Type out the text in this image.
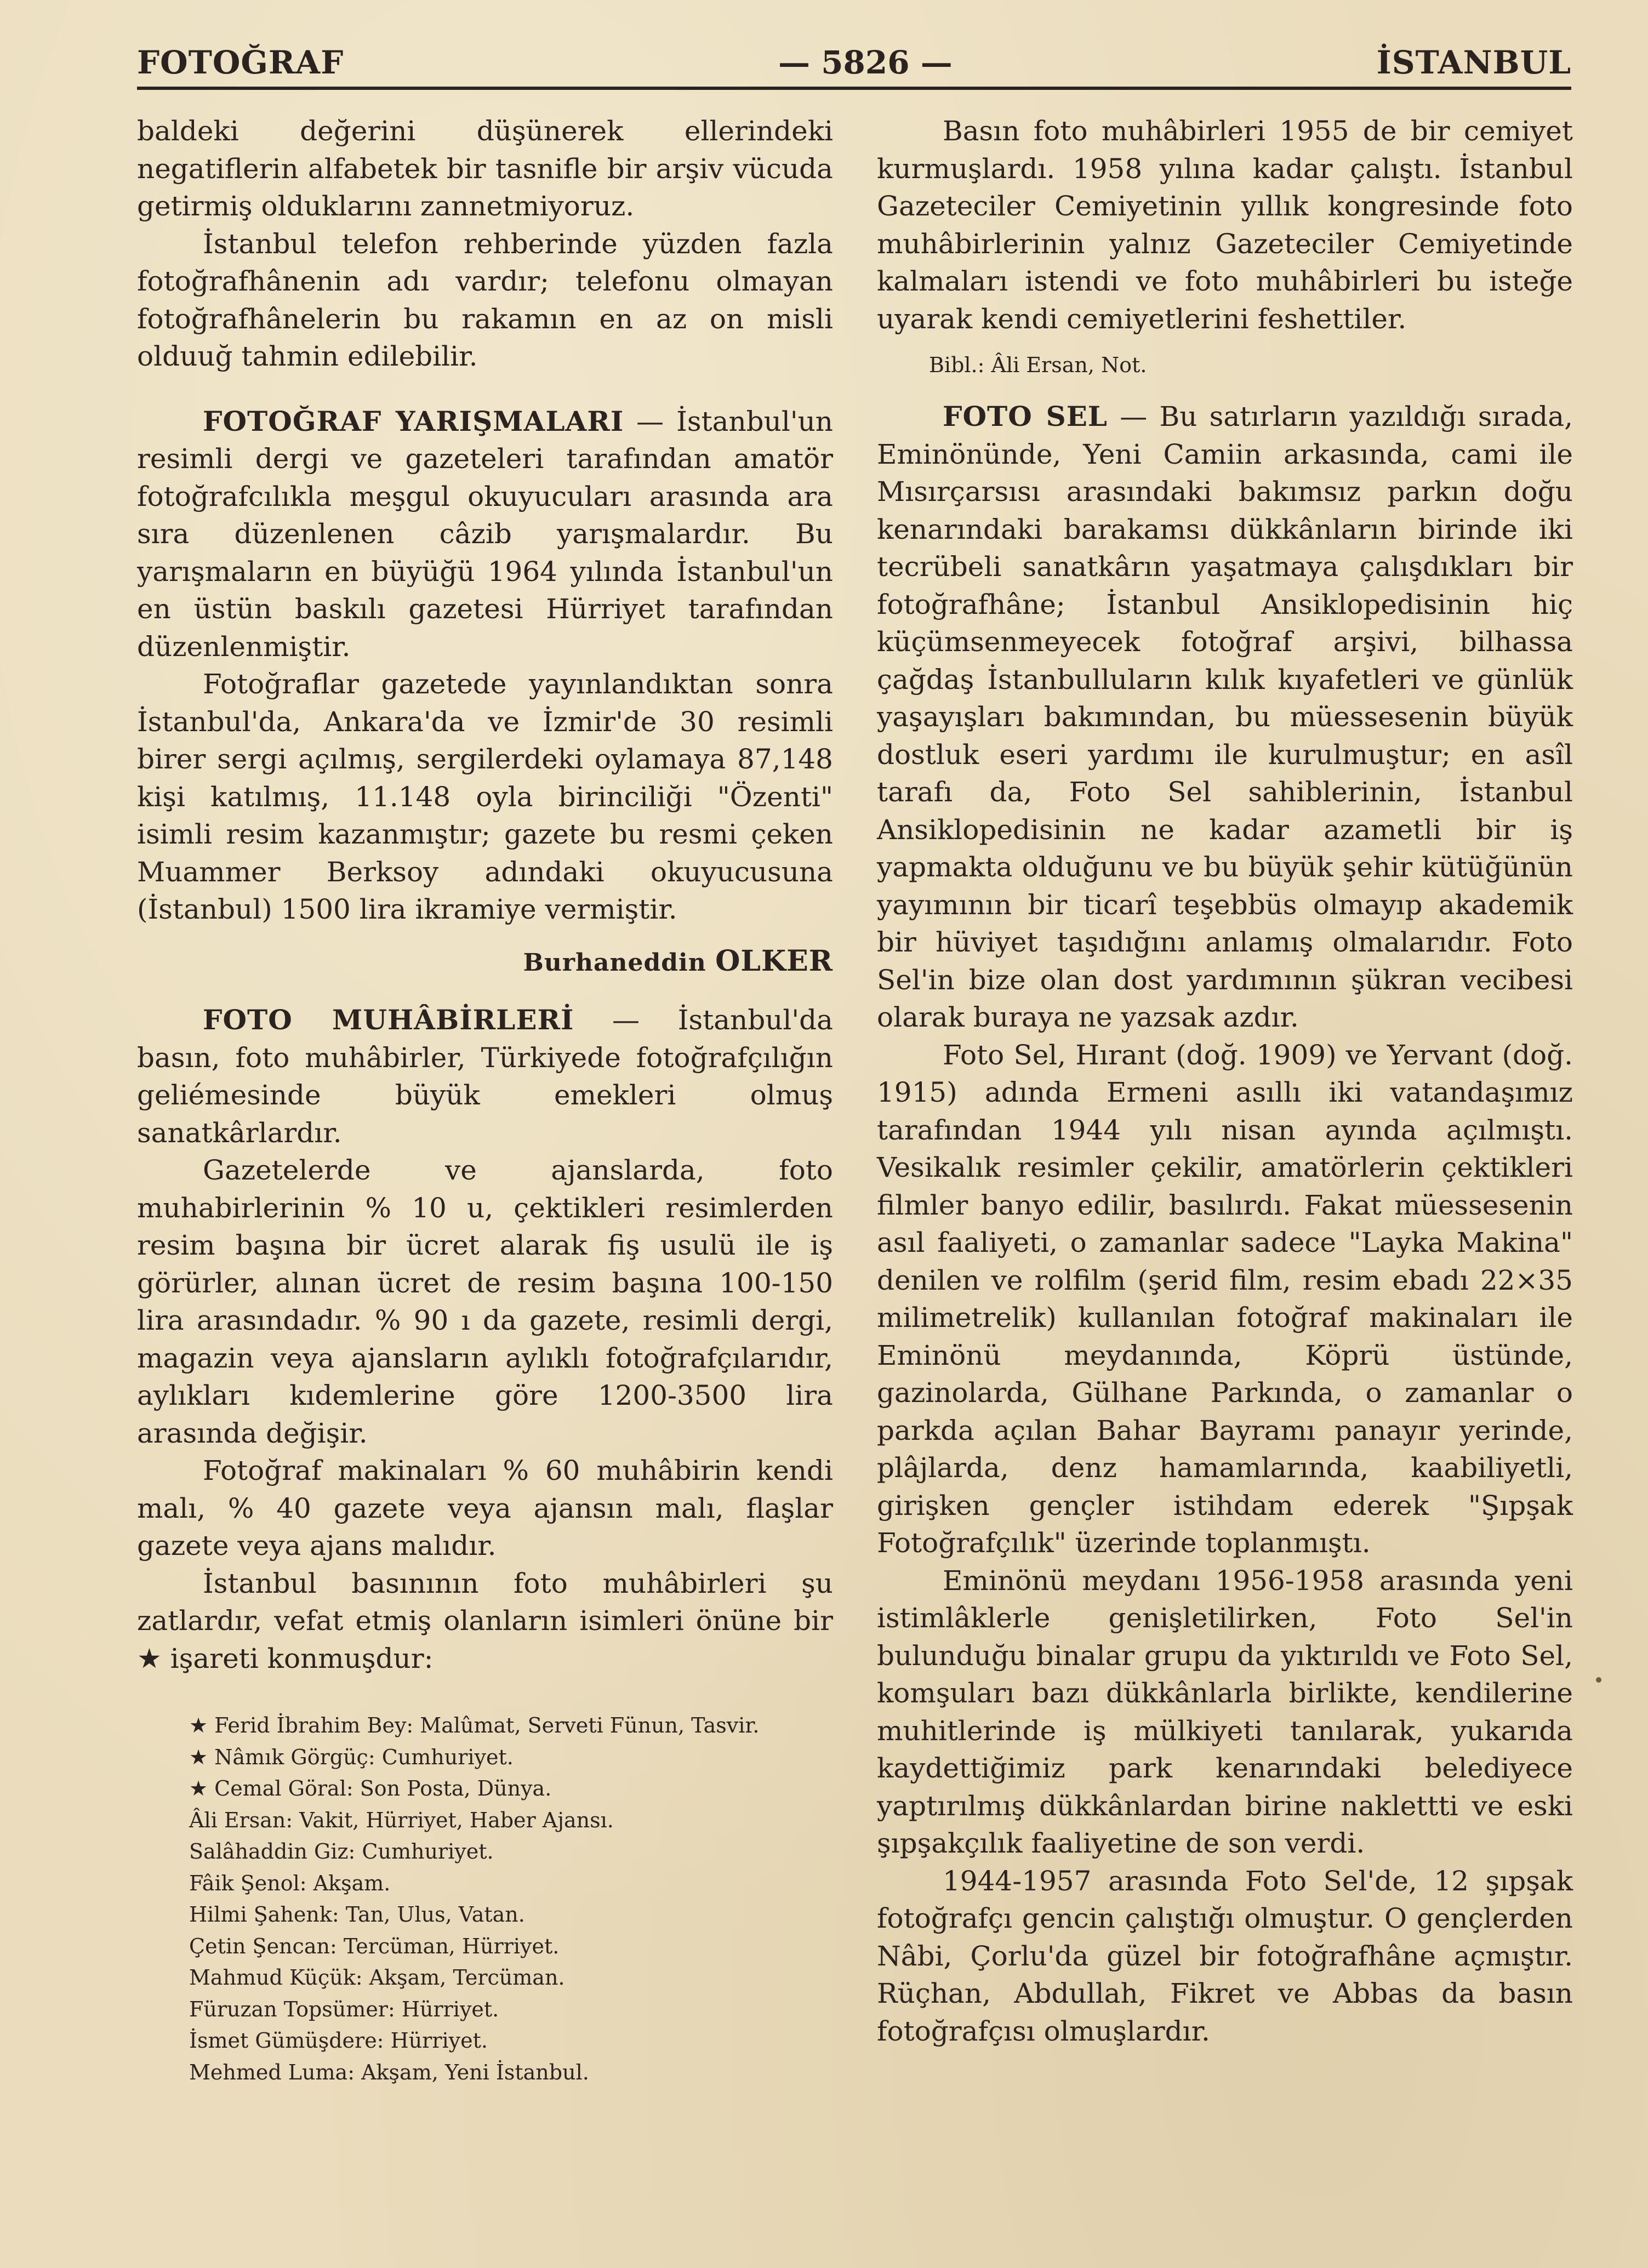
FOTOĞRAF	— 5826 —	İSTANBUL

baldeki değerini düşünerek ellerindeki negatiflerin alfabetek bir tasnifle bir arşiv vücuda getirmiş olduklarını zannetmiyoruz.

İstanbul telefon rehberinde yüzden fazla fotoğrafhânenin adı vardır; telefonu olmayan fotoğrafhânelerin bu rakamın en az on misli olduuğ tahmin edilebilir.

FOTOĞRAF YARIŞMALARI — İstanbul'un resimli dergi ve gazeteleri tarafından amatör fotoğrafcılıkla meşgul okuyucuları arasında ara sıra düzenlenen câzib yarışmalardır. Bu yarışmaların en büyüğü 1964 yılında İstanbul'un en üstün baskılı gazetesi Hürriyet tarafından düzenlenmiştir.

Fotoğraflar gazetede yayınlandıktan sonra İstanbul'da, Ankara'da ve İzmir'de 30 resimli birer sergi açılmış, sergilerdeki oylamaya 87,148 kişi katılmış, 11.148 oyla birinciliği "Özenti" isimli resim kazanmıştır; gazete bu resmi çeken Muammer Berksoy adındaki okuyucusuna (İstanbul) 1500 lira ikramiye vermiştir.

Burhaneddin OLKER

FOTO MUHÂBİRLERİ — İstanbul'da basın, foto muhâbirler, Türkiyede fotoğrafçılığın geliémesinde büyük emekleri olmuş sanatkârlardır.

Gazetelerde ve ajanslarda, foto muhabirlerinin % 10 u, çektikleri resimlerden resim başına bir ücret alarak fiş usulü ile iş görürler, alınan ücret de resim başına 100-150 lira arasındadır. % 90 ı da gazete, resimli dergi, magazin veya ajansların aylıklı fotoğrafçılarıdır, aylıkları kıdemlerine göre 1200-3500 lira arasında değişir.

Fotoğraf makinaları % 60 muhâbirin kendi malı, % 40 gazete veya ajansın malı, flaşlar gazete veya ajans malıdır.

İstanbul basınının foto muhâbirleri şu zatlardır, vefat etmiş olanların isimleri önüne bir ★ işareti konmuşdur:

★ Ferid İbrahim Bey: Malûmat, Serveti Fünun, Tasvir.

★ Nâmık Görgüç: Cumhuriyet.

★ Cemal Göral: Son Posta, Dünya.

Âli Ersan: Vakit, Hürriyet, Haber Ajansı.

Salâhaddin Giz: Cumhuriyet.

Fâik Şenol: Akşam.

Hilmi Şahenk: Tan, Ulus, Vatan.

Çetin Şencan: Tercüman, Hürriyet.

Mahmud Küçük: Akşam, Tercüman.

Füruzan Topsümer: Hürriyet.

İsmet Gümüşdere: Hürriyet.

Mehmed Luma: Akşam, Yeni İstanbul.

Basın foto muhâbirleri 1955 de bir cemiyet kurmuşlardı. 1958 yılına kadar çalıştı. İstanbul Gazeteciler Cemiyetinin yıllık kongresinde foto muhâbirlerinin yalnız Gazeteciler Cemiyetinde kalmaları istendi ve foto muhâbirleri bu isteğe uyarak kendi cemiyetlerini feshettiler.

Bibl.: Âli Ersan, Not.

FOTO SEL — Bu satırların yazıldığı sırada, Eminönünde, Yeni Camiin arkasında, cami ile Mısırçarsısı arasındaki bakımsız parkın doğu kenarındaki barakamsı dükkânların birinde iki tecrübeli sanatkârın yaşatmaya çalışdıkları bir fotoğrafhâne; İstanbul Ansiklopedisinin hiç küçümsenmeyecek fotoğraf arşivi, bilhassa çağdaş İstanbulluların kılık kıyafetleri ve günlük yaşayışları bakımından, bu müessesenin büyük dostluk eseri yardımı ile kurulmuştur; en asîl tarafı da, Foto Sel sahiblerinin, İstanbul Ansiklopedisinin ne kadar azametli bir iş yapmakta olduğunu ve bu büyük şehir kütüğünün yayımının bir ticarî teşebbüs olmayıp akademik bir hüviyet taşıdığını anlamış olmalarıdır. Foto Sel'in bize olan dost yardımının şükran vecibesi olarak buraya ne yazsak azdır.

Foto Sel, Hırant (doğ. 1909) ve Yervant (doğ. 1915) adında Ermeni asıllı iki vatandaşımız tarafından 1944 yılı nisan ayında açılmıştı. Vesikalık resimler çekilir, amatörlerin çektikleri filmler banyo edilir, basılırdı. Fakat müessesenin asıl faaliyeti, o zamanlar sadece "Layka Makina" denilen ve rolfilm (şerid film, resim ebadı 22×35 milimetrelik) kullanılan fotoğraf makinaları ile Eminönü meydanında, Köprü üstünde, gazinolarda, Gülhane Parkında, o zamanlar o parkda açılan Bahar Bayramı panayır yerinde, plâjlarda, denz hamamlarında, kaabiliyetli, girişken gençler istihdam ederek "Şıpşak Fotoğrafçılık" üzerinde toplanmıştı.

Eminönü meydanı 1956-1958 arasında yeni istimlâklerle genişletilirken, Foto Sel'in bulunduğu binalar grupu da yıktırıldı ve Foto Sel, komşuları bazı dükkânlarla birlikte, kendilerine muhitlerinde iş mülkiyeti tanılarak, yukarıda kaydettiğimiz park kenarındaki belediyece yaptırılmış dükkânlardan birine naklettti ve eski şıpşakçılık faaliyetine de son verdi.

1944-1957 arasında Foto Sel'de, 12 şıpşak fotoğrafçı gencin çalıştığı olmuştur. O gençlerden Nâbi, Çorlu'da güzel bir fotoğrafhâne açmıştır. Rüçhan, Abdullah, Fikret ve Abbas da basın fotoğrafçısı olmuşlardır.
